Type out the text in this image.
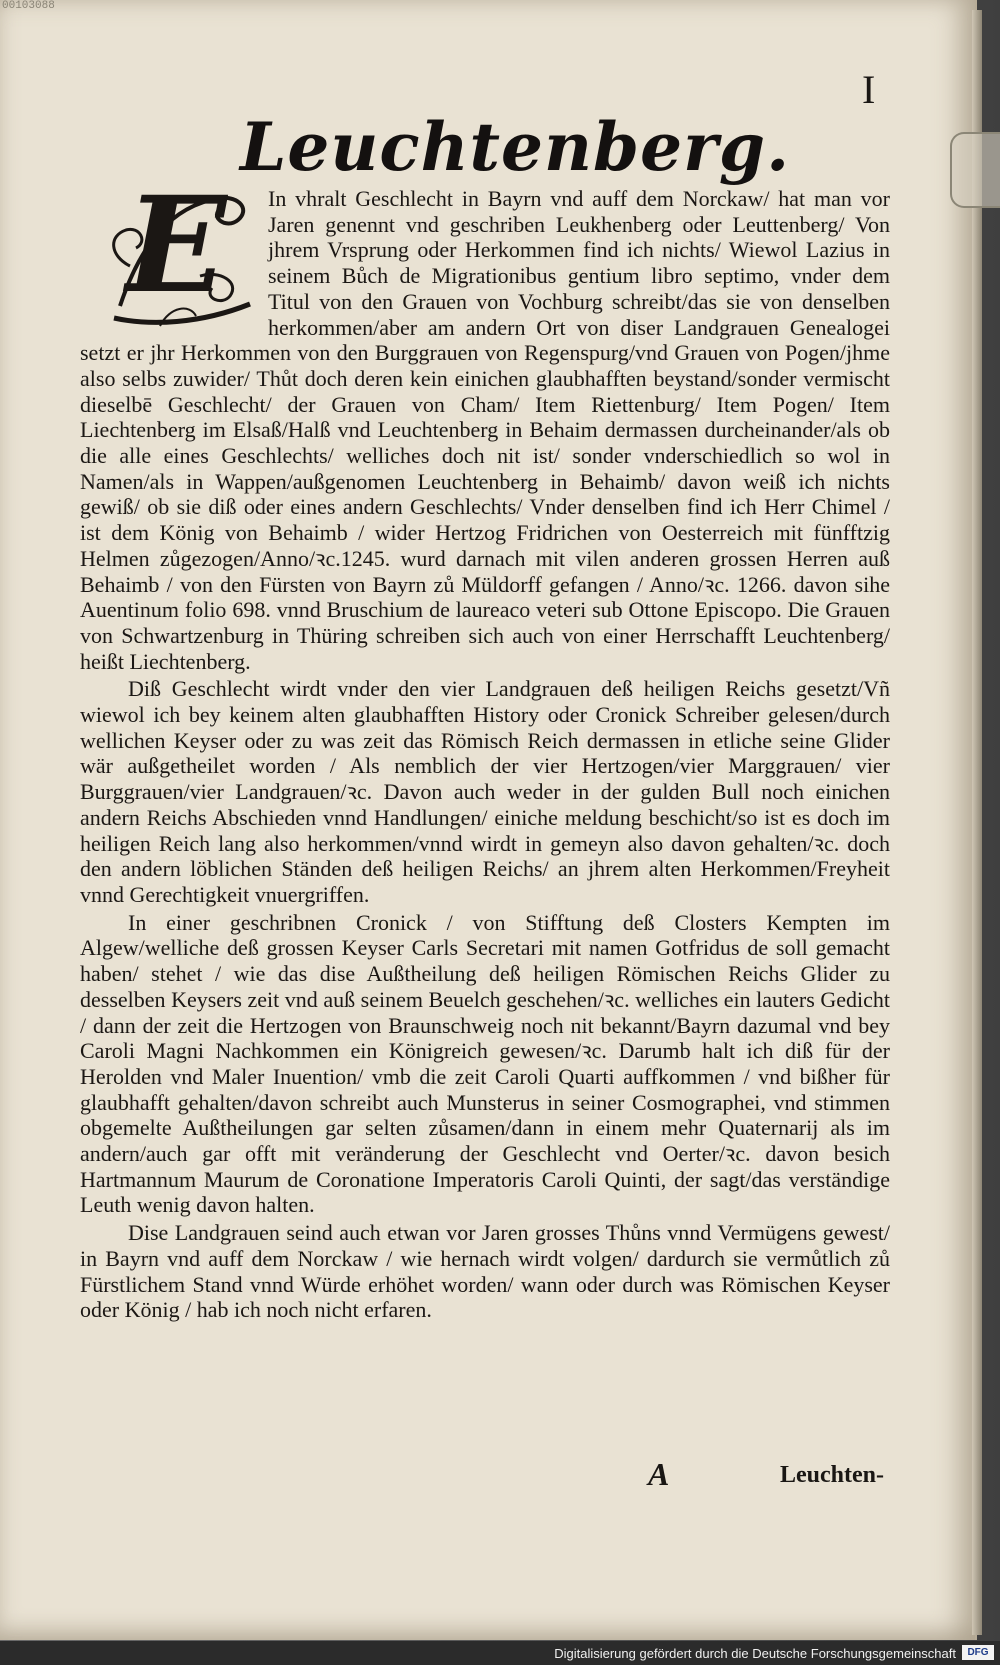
00103088
I
Leuchtenberg.

E In vhralt Geschlecht in Bayrn vnd auff dem Norckaw/ hat man vor Jaren genennt vnd geschriben Leukhenberg oder Leuttenberg/ Von jhrem Vrsprung oder Herkommen find ich nichts/ Wiewol Lazius in seinem Bůch de Migrationibus gentium libro septimo, vnder dem Titul von den Grauen von Vochburg schreibt/das sie von denselben herkommen/aber am andern Ort von diser Landgrauen Genealogei setzt er jhr Herkommen von den Burggrauen von Regenspurg/vnd Grauen von Pogen/jhme also selbs zuwider/ Thůt doch deren kein einichen glaubhafften beystand/sonder vermischt dieselbē Geschlecht/ der Grauen von Cham/ Item Riettenburg/ Item Pogen/ Item Liechtenberg im Elsaß/Halß vnd Leuchtenberg in Behaim dermassen durcheinander/als ob die alle eines Geschlechts/ welliches doch nit ist/ sonder vnderschiedlich so wol in Namen/als in Wappen/außgenomen Leuchtenberg in Behaimb/ davon weiß ich nichts gewiß/ ob sie diß oder eines andern Geschlechts/ Vnder denselben find ich Herr Chimel / ist dem König von Behaimb / wider Hertzog Fridrichen von Oesterreich mit fünfftzig Helmen zůgezogen/Anno/ꝛc.1245. wurd darnach mit vilen anderen grossen Herren auß Behaimb / von den Fürsten von Bayrn zů Müldorff gefangen / Anno/ꝛc. 1266. davon sihe Auentinum folio 698. vnnd Bruschium de laureaco veteri sub Ottone Episcopo. Die Grauen von Schwartzenburg in Thüring schreiben sich auch von einer Herrschafft Leuchtenberg/ heißt Liechtenberg.

Diß Geschlecht wirdt vnder den vier Landgrauen deß heiligen Reichs gesetzt/Vñ wiewol ich bey keinem alten glaubhafften History oder Cronick Schreiber gelesen/durch wellichen Keyser oder zu was zeit das Römisch Reich dermassen in etliche seine Glider wär außgetheilet worden / Als nemblich der vier Hertzogen/vier Marggrauen/ vier Burggrauen/vier Landgrauen/ꝛc. Davon auch weder in der gulden Bull noch einichen andern Reichs Abschieden vnnd Handlungen/ einiche meldung beschicht/so ist es doch im heiligen Reich lang also herkommen/vnnd wirdt in gemeyn also davon gehalten/ꝛc. doch den andern löblichen Ständen deß heiligen Reichs/ an jhrem alten Herkommen/Freyheit vnnd Gerechtigkeit vnuergriffen.

In einer geschribnen Cronick / von Stifftung deß Closters Kempten im Algew/welliche deß grossen Keyser Carls Secretari mit namen Gotfridus de soll gemacht haben/ stehet / wie das dise Außtheilung deß heiligen Römischen Reichs Glider zu desselben Keysers zeit vnd auß seinem Beuelch geschehen/ꝛc. welliches ein lauters Gedicht / dann der zeit die Hertzogen von Braunschweig noch nit bekannt/Bayrn dazumal vnd bey Caroli Magni Nachkommen ein Königreich gewesen/ꝛc. Darumb halt ich diß für der Herolden vnd Maler Inuention/ vmb die zeit Caroli Quarti auffkommen / vnd bißher für glaubhafft gehalten/davon schreibt auch Munsterus in seiner Cosmographei, vnd stimmen obgemelte Außtheilungen gar selten zůsamen/dann in einem mehr Quaternarij als im andern/auch gar offt mit veränderung der Geschlecht vnd Oerter/ꝛc. davon besich Hartmannum Maurum de Coronatione Imperatoris Caroli Quinti, der sagt/das verständige Leuth wenig davon halten.

Dise Landgrauen seind auch etwan vor Jaren grosses Thůns vnnd Vermügens gewest/ in Bayrn vnd auff dem Norckaw / wie hernach wirdt volgen/ dardurch sie vermůtlich zů Fürstlichem Stand vnnd Würde erhöhet worden/ wann oder durch was Römischen Keyser oder König / hab ich noch nicht erfaren.

A	Leuchten-
Digitalisierung gefördert durch die Deutsche Forschungsgemeinschaft	DFG
